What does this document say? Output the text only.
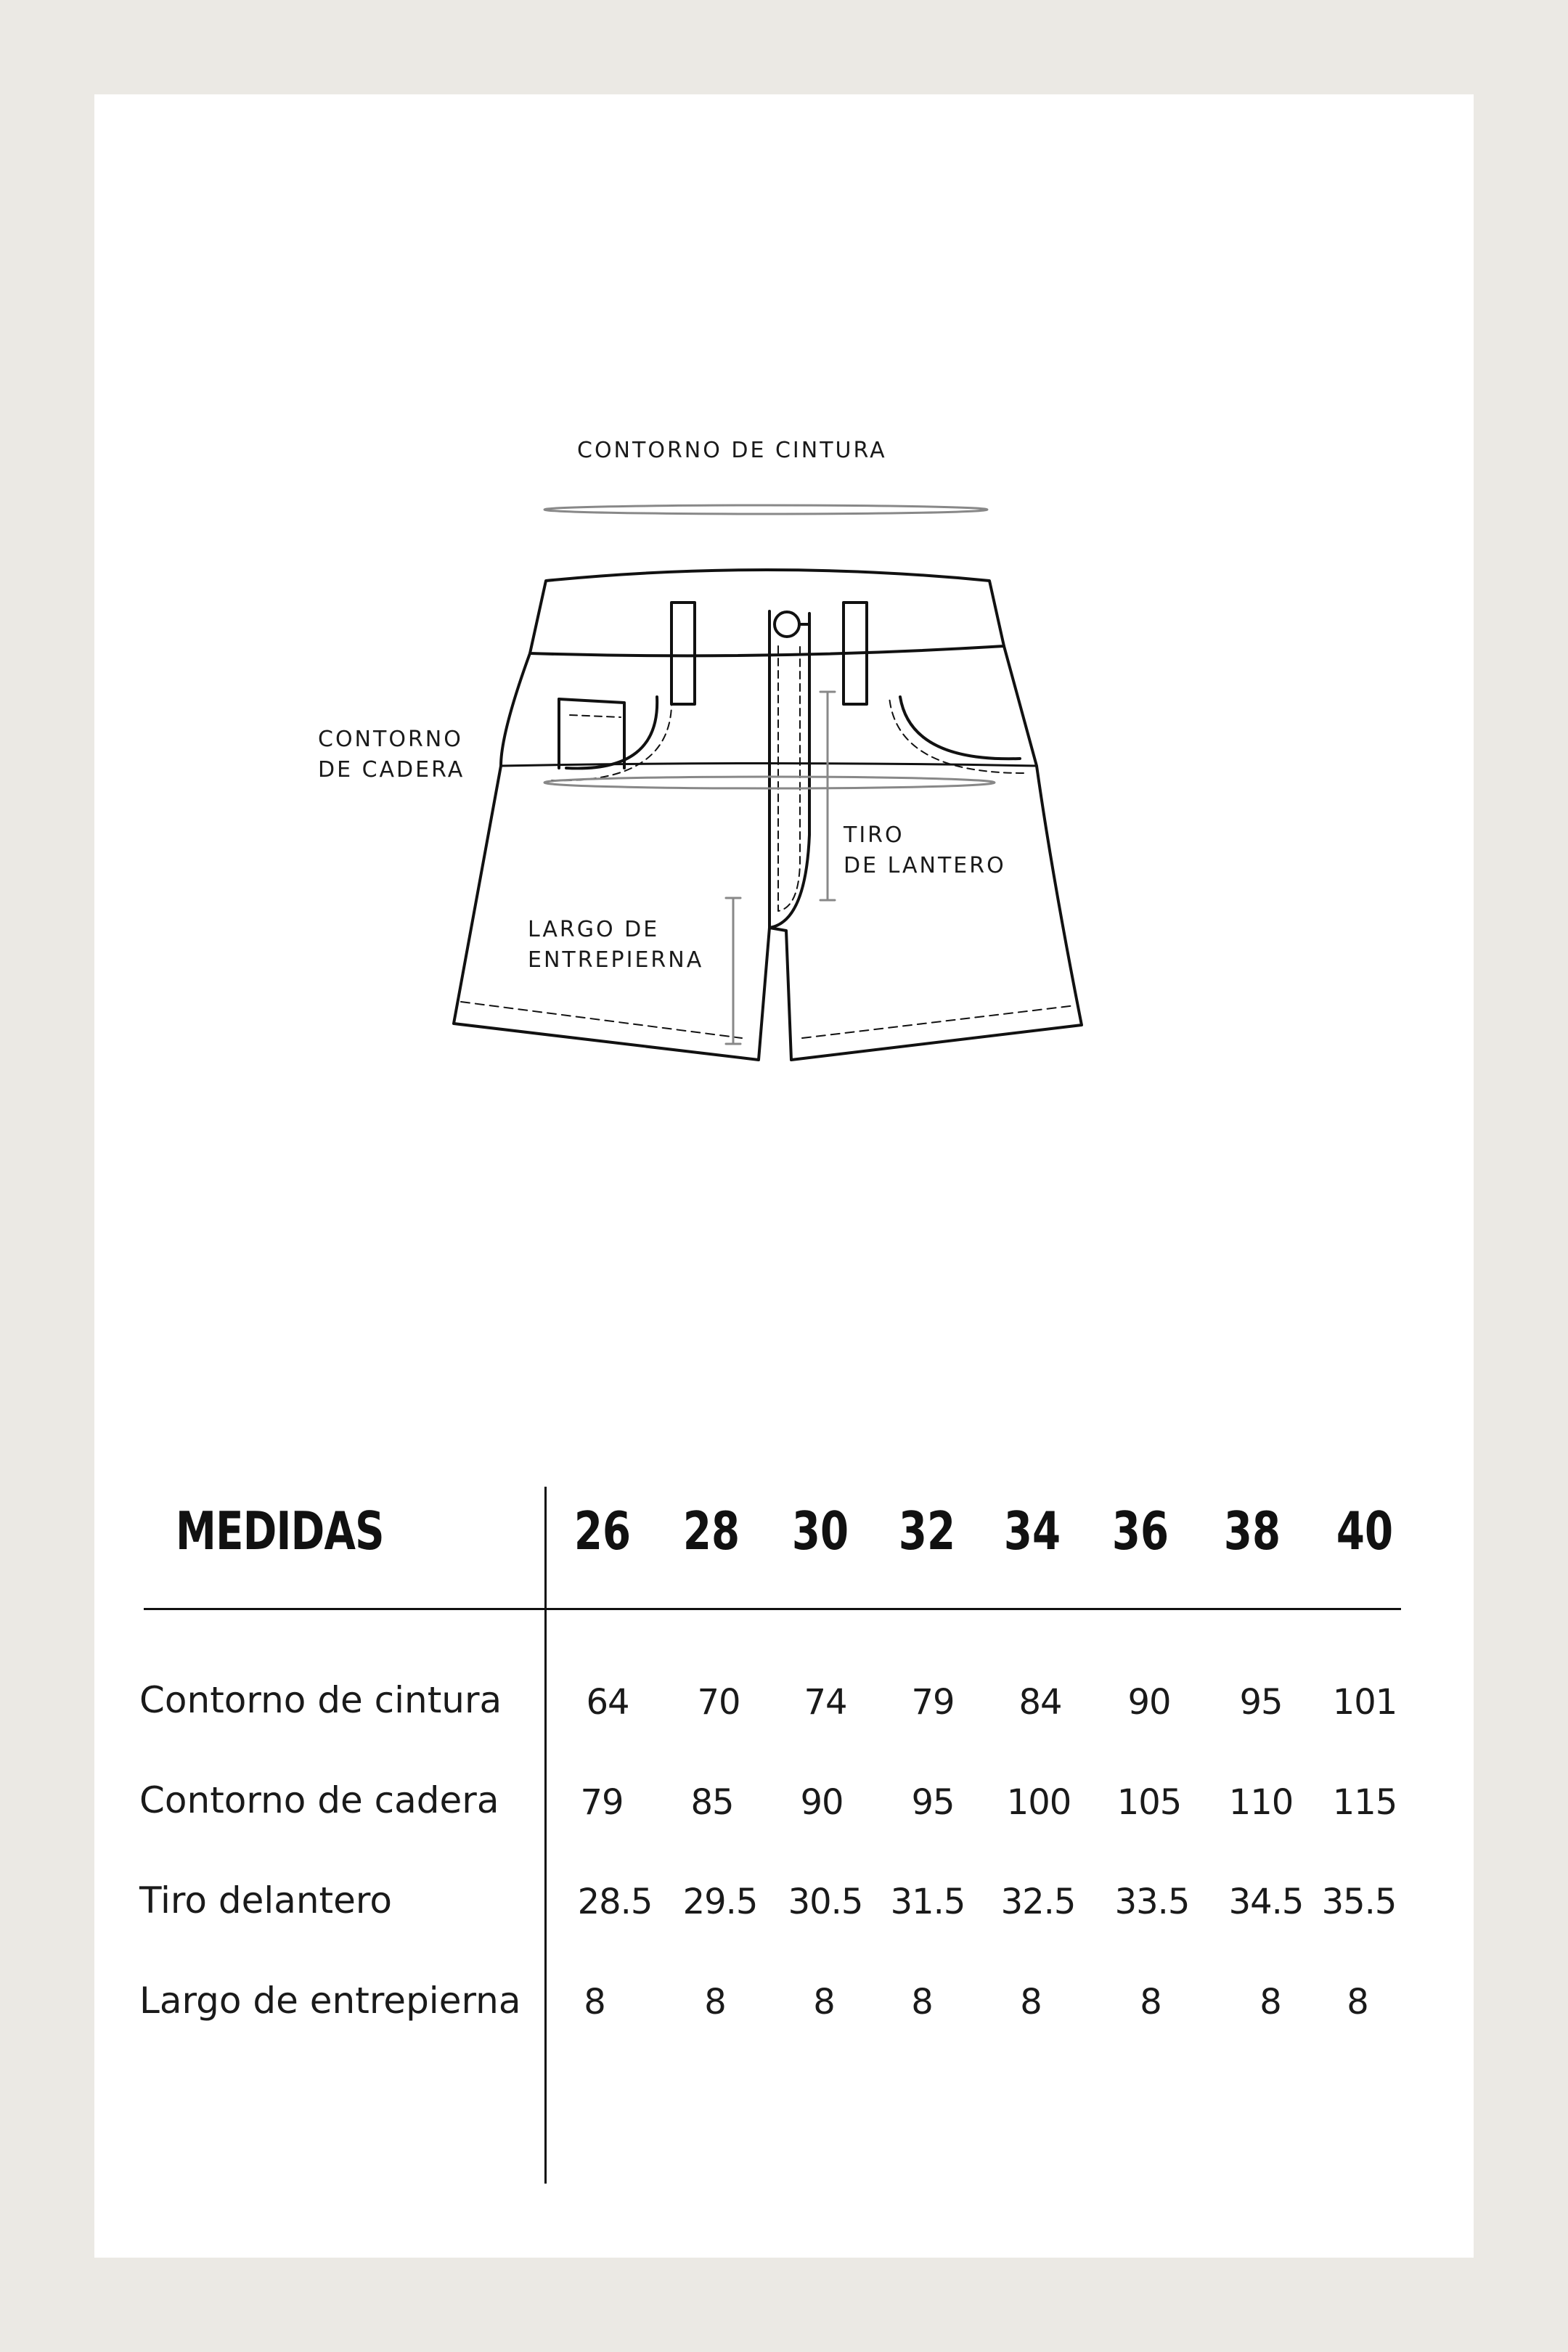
CONTORNO DE CINTURA
CONTORNO
DE CADERA
TIRO
DE LANTERO
LARGO DE
ENTREPIERNA
MEDIDAS	26 28 30 32 34 36 38 40
Contorno de cintura	64	70	74	79	84	90	95	101
Contorno de cadera	79	85	90	95	100	105	110	115
Tiro delantero	28.5 29.5 30.5 31.5	32.5	33.5	34.5 35.5
Largo de entrepierna	8	8	8	8	8	8	8	8
